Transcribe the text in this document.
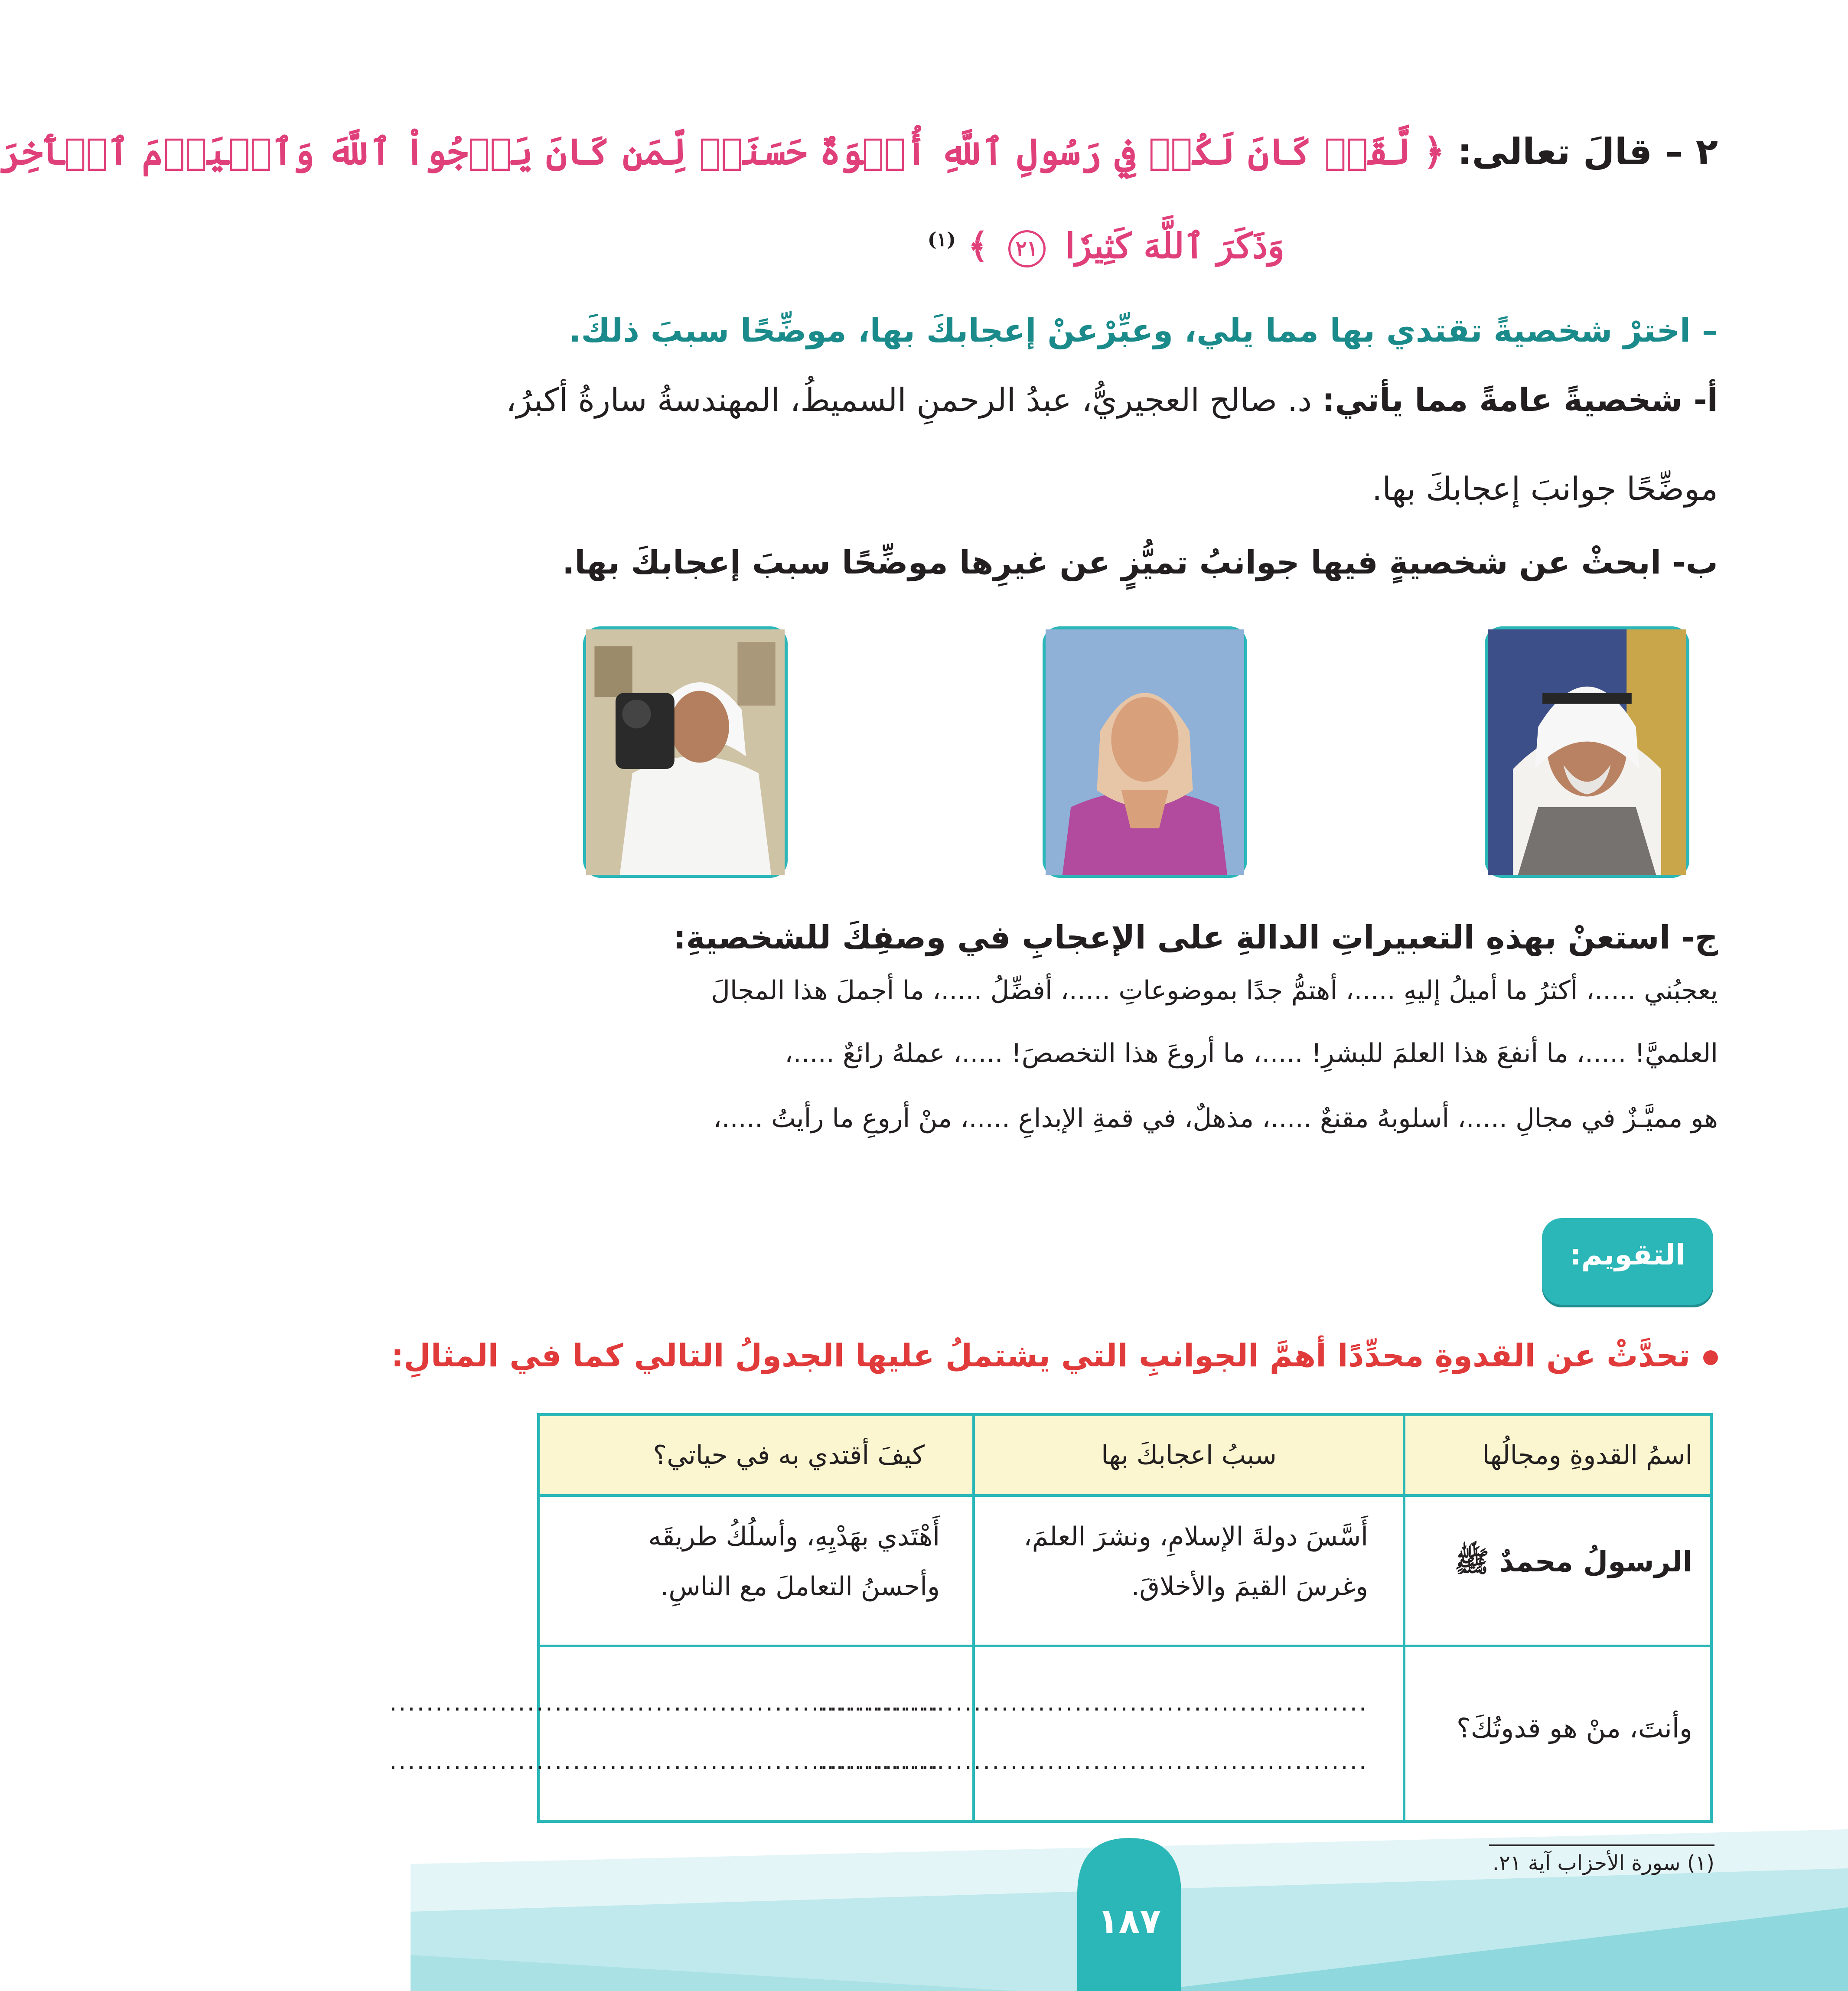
٢ – قالَ تعالى: ﴿ لَّقَدۡ كَانَ لَكُمۡ فِي رَسُولِ ٱللَّهِ أُسۡوَةٌ حَسَنَةٞ لِّمَن كَانَ يَرۡجُواْ ٱللَّهَ وَٱلۡيَوۡمَ ٱلۡأٓخِرَ
وَذَكَرَ ٱللَّهَ كَثِيرٗا ٢١ ﴾ $^{(١)}$
– اخترْ شخصيةً تقتدي بها مما يلي، وعبِّرْعنْ إعجابكَ بها، موضِّحًا سببَ ذلكَ.
أ- شخصيةً عامةً مما يأتي: د. صالح العجيريُّ، عبدُ الرحمنِ السميطُ، المهندسةُ سارةُ أكبرُ،
موضِّحًا جوانبَ إعجابكَ بها.
ب- ابحثْ عن شخصيةٍ فيها جوانبُ تميُّزٍ عن غيرِها موضِّحًا سببَ إعجابكَ بها.
ج- استعنْ بهذهِ التعبيراتِ الدالةِ على الإعجابِ في وصفِكَ للشخصيةِ:
يعجبُني .....، أكثرُ ما أميلُ إليهِ .....، أهتمُّ جدًا بموضوعاتِ .....، أفضِّلُ .....، ما أجملَ هذا المجالَ
العلميَّ! .....، ما أنفعَ هذا العلمَ للبشرِ! .....، ما أروعَ هذا التخصصَ! .....، عملهُ رائعٌ .....،
هو مميَّـزٌ في مجالِ .....، أسلوبهُ مقنعٌ .....، مذهلٌ، في قمةِ الإبداعِ .....، منْ أروعِ ما رأيتُ .....،
التقويم:
تحدَّثْ عن القدوةِ محدِّدًا أهمَّ الجوانبِ التي يشتملُ عليها الجدولُ التالي كما في المثالِ:
اسمُ القدوةِ ومجالُها
سببُ اعجابكَ بها
كيفَ أقتدي به في حياتي؟
الرسولُ محمدٌ ﷺ
أَسَّسَ دولةَ الإسلامِ، ونشرَ العلمَ،
وغرسَ القيمَ والأخلاقَ.
أَهْتَدي بهَدْيِهِ، وأسلُكُ طريقَه
وأحسنُ التعاملَ مع الناسِ.
وأنتَ، منْ هو قدوتُكَ؟
............................................................
............................................................
............................................................
............................................................
(١) سورة الأحزاب آية ٢١.
١٨٧
